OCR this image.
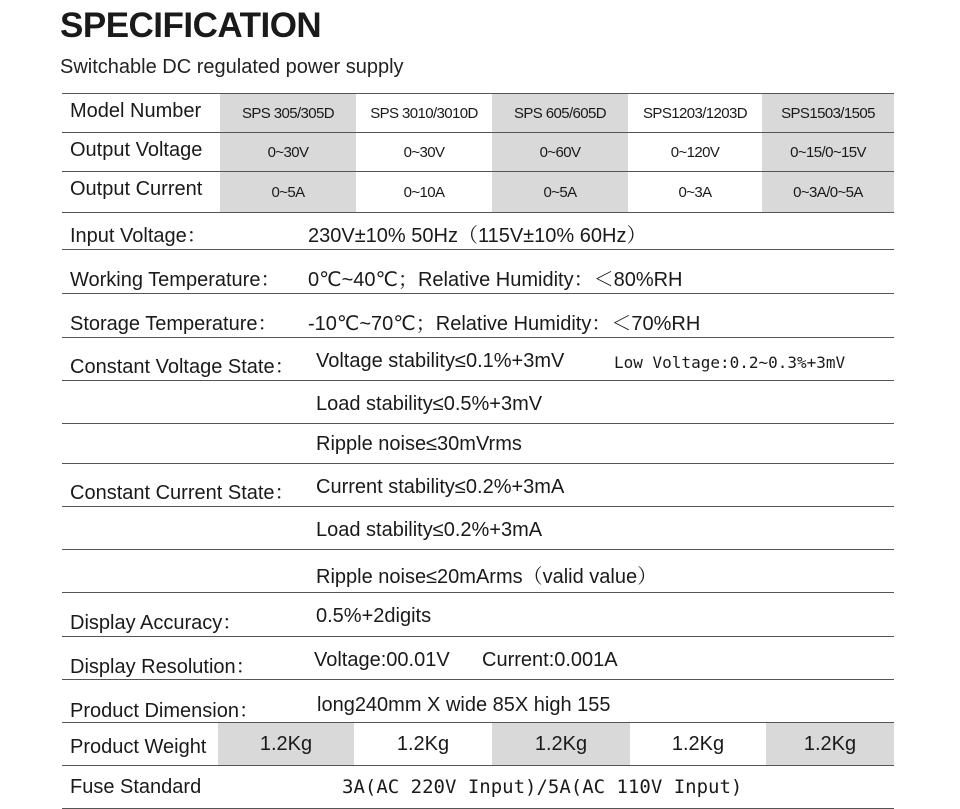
SPECIFICATION
Switchable DC regulated power supply
Model Number	SPS 305/305D	SPS 3010/3010D	SPS 605/605D	SPS1203/1203D	SPS1503/1505
Output Voltage	0~30V	0~30V	0~60V	0~120V	0~15/0~15V
Output Current	0~5A	0~10A	0~5A	0~3A	0~3A/0~5A
Input Voltage：	230V±10% 50Hz（115V±10% 60Hz）
Working Temperature： 0℃~40℃；Relative Humidity：＜80%RH
Storage Temperature： -10℃~70℃；Relative Humidity：＜70%RH
Constant Voltage State： Voltage stability≤0.1%+3mV	Low Voltage:0.2~0.3%+3mV
Load stability≤0.5%+3mV
Ripple noise≤30mVrms
Constant Current State： Current stability≤0.2%+3mA
Load stability≤0.2%+3mA
Ripple noise≤20mArms（valid value）
Display Accuracy：	0.5%+2digits
Display Resolution：	Voltage:00.01V Current:0.001A
Product Dimension：	long240mm X wide 85X high 155
Product Weight	1.2Kg	1.2Kg	1.2Kg	1.2Kg	1.2Kg
Fuse Standard	3A(AC 220V Input)/5A(AC 110V Input)
